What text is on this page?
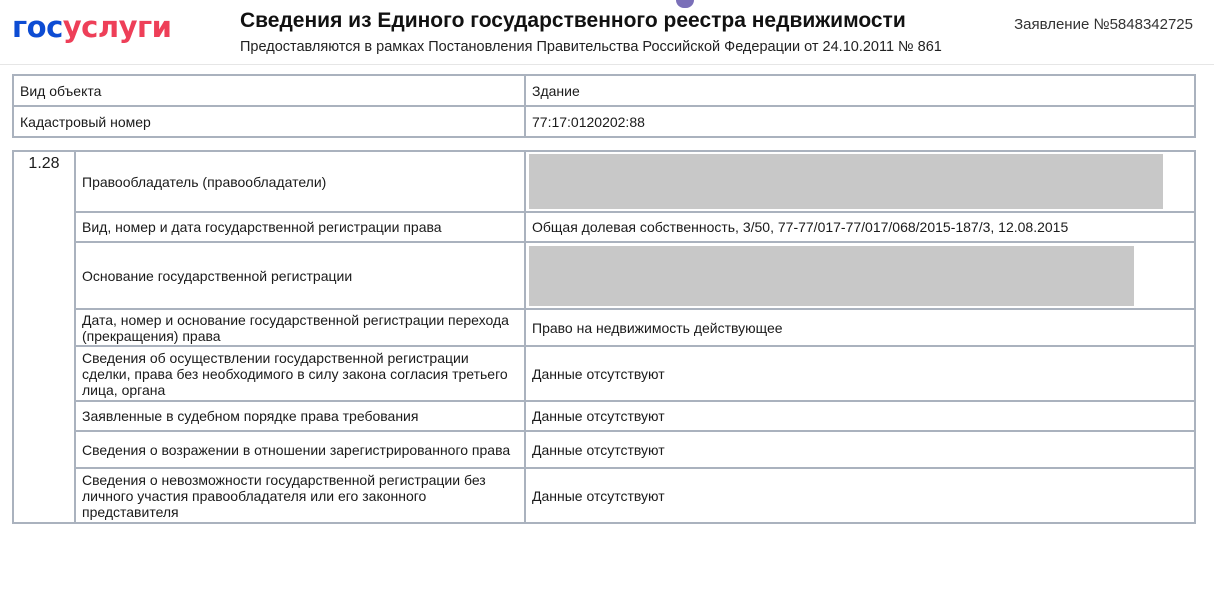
госуслуги	Сведения из Единого государственного реестра недвижимости
Предоставляются в рамках Постановления Правительства Российской Федерации от 24.10.2011 № 861
Заявление №5848342725
Вид объекта	Здание
Кадастровый номер	77:17:0120202:88
1.28	Правообладатель (правообладатели)	

	Вид, номер и дата государственной регистрации права	Общая долевая собственность, 3/50, 77-77/017-77/017/068/2015-187/3, 12.08.2015
	Основание государственной регистрации	

	Дата, номер и основание государственной регистрации перехода (прекращения) права	Право на недвижимость действующее
	Сведения об осуществлении государственной регистрации сделки, права без необходимого в силу закона согласия третьего лица, органа	Данные отсутствуют
	Заявленные в судебном порядке права требования	Данные отсутствуют
	Сведения о возражении в отношении зарегистрированного права	Данные отсутствуют
	Сведения о невозможности государственной регистрации без личного участия правообладателя или его законного представителя	Данные отсутствуют
